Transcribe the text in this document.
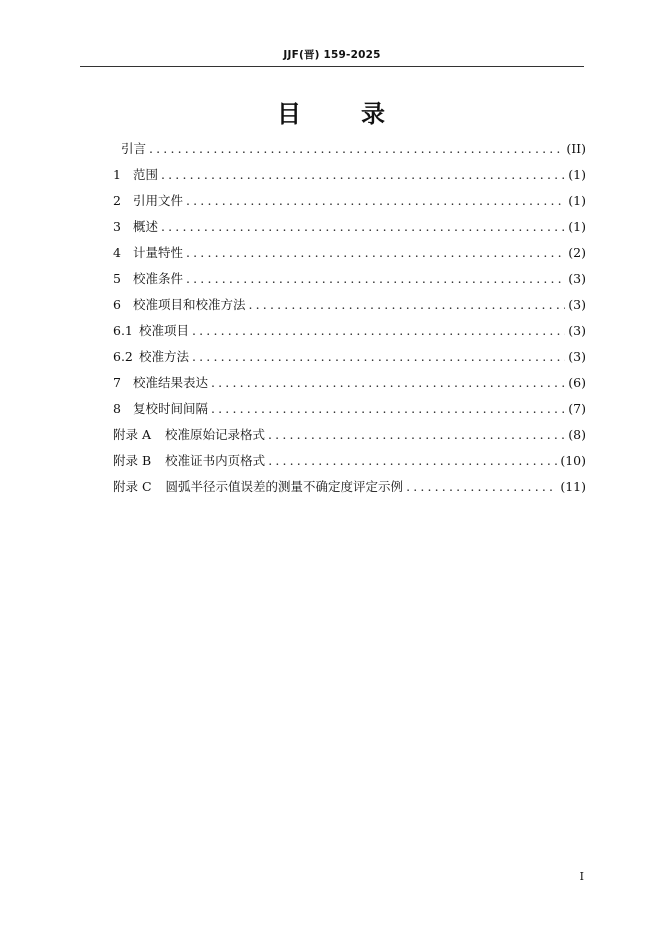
JJF(晋) 159-2025
目	录
引言 . . .	(II)
1 范围 . . .	(1)
2 引用文件 . . .	(1)
3 概述 . . .	(1)
4 计量特性 . . .	(2)
5 校准条件 . . .	(3)
6 校准项目和校准方法 . . .	(3)
6.1 校准项目 . . .	(3)
6.2 校准方法 . . .	(3)
7 校准结果表达 . . .	(6)
8 复校时间间隔 . . .	(7)
附录 A 校准原始记录格式 . . .	(8)
附录 B 校准证书内页格式 . . .	(10)
附录 C 圆弧半径示值误差的测量不确定度评定示例 . . .	(11)
I
